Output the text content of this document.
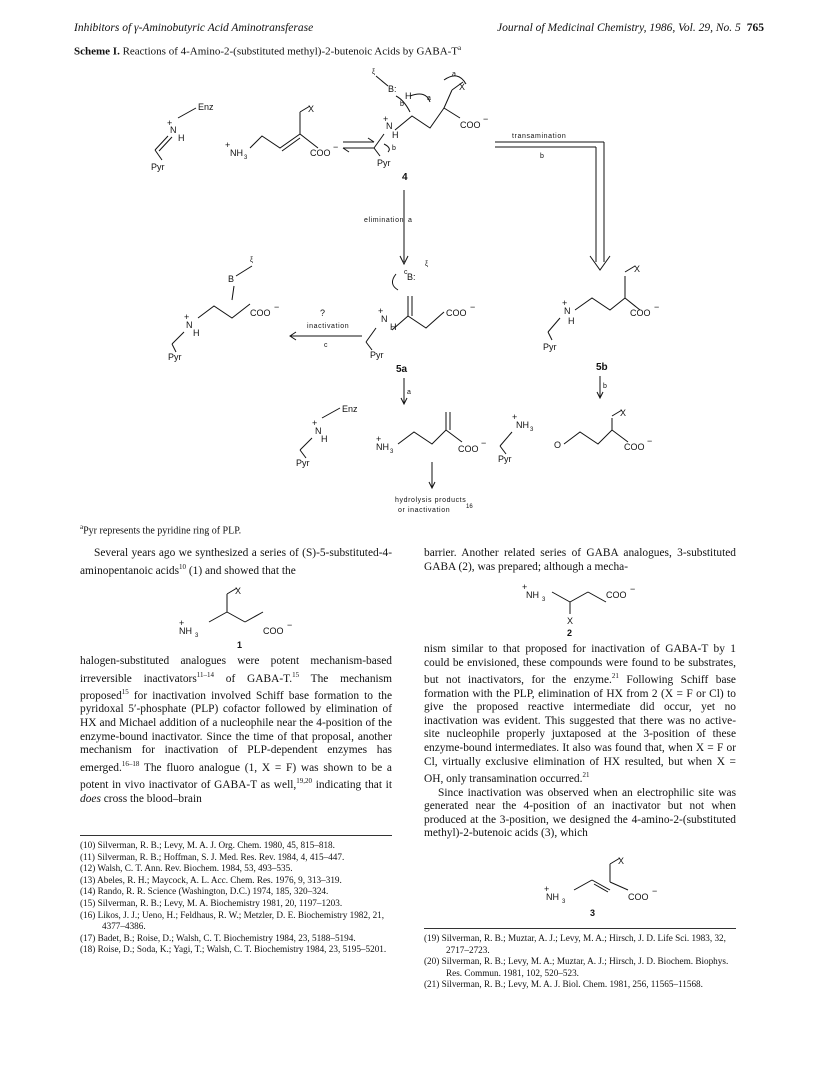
Inhibitors of γ-Aminobutyric Acid Aminotransferase	Journal of Medicinal Chemistry, 1986, Vol. 29, No. 5 765
Scheme I. Reactions of 4-Amino-2-(substituted methyl)-2-butenoic Acids by GABA-$T^a$
Enz
+
N
H
Pyr
+
NH 3
X
COO
−
ξ
B:
H
b
a
X
a
COO
−
+
N
H
b
Pyr
4
transamination
b
elimination a
ξ
B
COO
−
+
N
H
Pyr
?
inactivation
c
ξ
B:
c
COO
−
+
N
H
Pyr
5a
X
COO
−
+
N
H
Pyr
5b
a
b
Enz
+
N
H
Pyr
+
NH 3	COO
−
+
NH 3
Pyr
X
O	COO
−
hydrolysis products
or inactivation	16
$^a$Pyr represents the pyridine ring of PLP.
Several years ago we synthesized a series of (S)-5-substituted-4-aminopentanoic acids$^{10}$ (1) and showed that the
X
+
NH 3	COO
−
1
halogen-substituted analogues were potent mechanism-based irreversible inactivators$^{11-14}$ of GABA-T.$^{15}$ The mechanism proposed$^{15}$ for inactivation involved Schiff base formation to the pyridoxal 5′-phosphate (PLP) cofactor followed by elimination of HX and Michael addition of a nucleophile near the 4-position of the enzyme-bound inactivator. Since the time of that proposal, another mechanism for inactivation of PLP-dependent enzymes has emerged.$^{16-18}$ The fluoro analogue (1, X = F) was shown to be a potent in vivo inactivator of GABA-T as well,$^{19,20}$ indicating that it does cross the blood–brain
(10) Silverman, R. B.; Levy, M. A. J. Org. Chem. 1980, 45, 815–818.
(11) Silverman, R. B.; Hoffman, S. J. Med. Res. Rev. 1984, 4, 415–447.
(12) Walsh, C. T. Ann. Rev. Biochem. 1984, 53, 493–535.
(13) Abeles, R. H.; Maycock, A. L. Acc. Chem. Res. 1976, 9, 313–319.
(14) Rando, R. R. Science (Washington, D.C.) 1974, 185, 320–324.
(15) Silverman, R. B.; Levy, M. A. Biochemistry 1981, 20, 1197–1203.
(16) Likos, J. J.; Ueno, H.; Feldhaus, R. W.; Metzler, D. E. Biochemistry 1982, 21, 4377–4386.
(17) Badet, B.; Roise, D.; Walsh, C. T. Biochemistry 1984, 23, 5188–5194.
(18) Roise, D.; Soda, K.; Yagi, T.; Walsh, C. T. Biochemistry 1984, 23, 5195–5201.
barrier. Another related series of GABA analogues, 3-substituted GABA (2), was prepared; although a mecha-
+
NH 3
X
COO
−
2
nism similar to that proposed for inactivation of GABA-T by 1 could be envisioned, these compounds were found to be substrates, but not inactivators, for the enzyme.$^{21}$ Following Schiff base formation with the PLP, elimination of HX from 2 (X = F or Cl) to give the proposed reactive intermediate did occur, yet no inactivation was evident. This suggested that there was no active-site nucleophile properly juxtaposed at the 3-position of these enzyme-bound intermediates. It also was found that, when X = F or Cl, virtually exclusive elimination of HX resulted, but when X = OH, only transamination occurred.$^{21}$
Since inactivation was observed when an electrophilic site was generated near the 4-position of an inactivator but not when produced at the 3-position, we designed the 4-amino-2-(substituted methyl)-2-butenoic acids (3), which
X
+
NH 3	COO
−
3
(19) Silverman, R. B.; Muztar, A. J.; Levy, M. A.; Hirsch, J. D. Life Sci. 1983, 32, 2717–2723.
(20) Silverman, R. B.; Levy, M. A.; Muztar, A. J.; Hirsch, J. D. Biochem. Biophys. Res. Commun. 1981, 102, 520–523.
(21) Silverman, R. B.; Levy, M. A. J. Biol. Chem. 1981, 256, 11565–11568.
